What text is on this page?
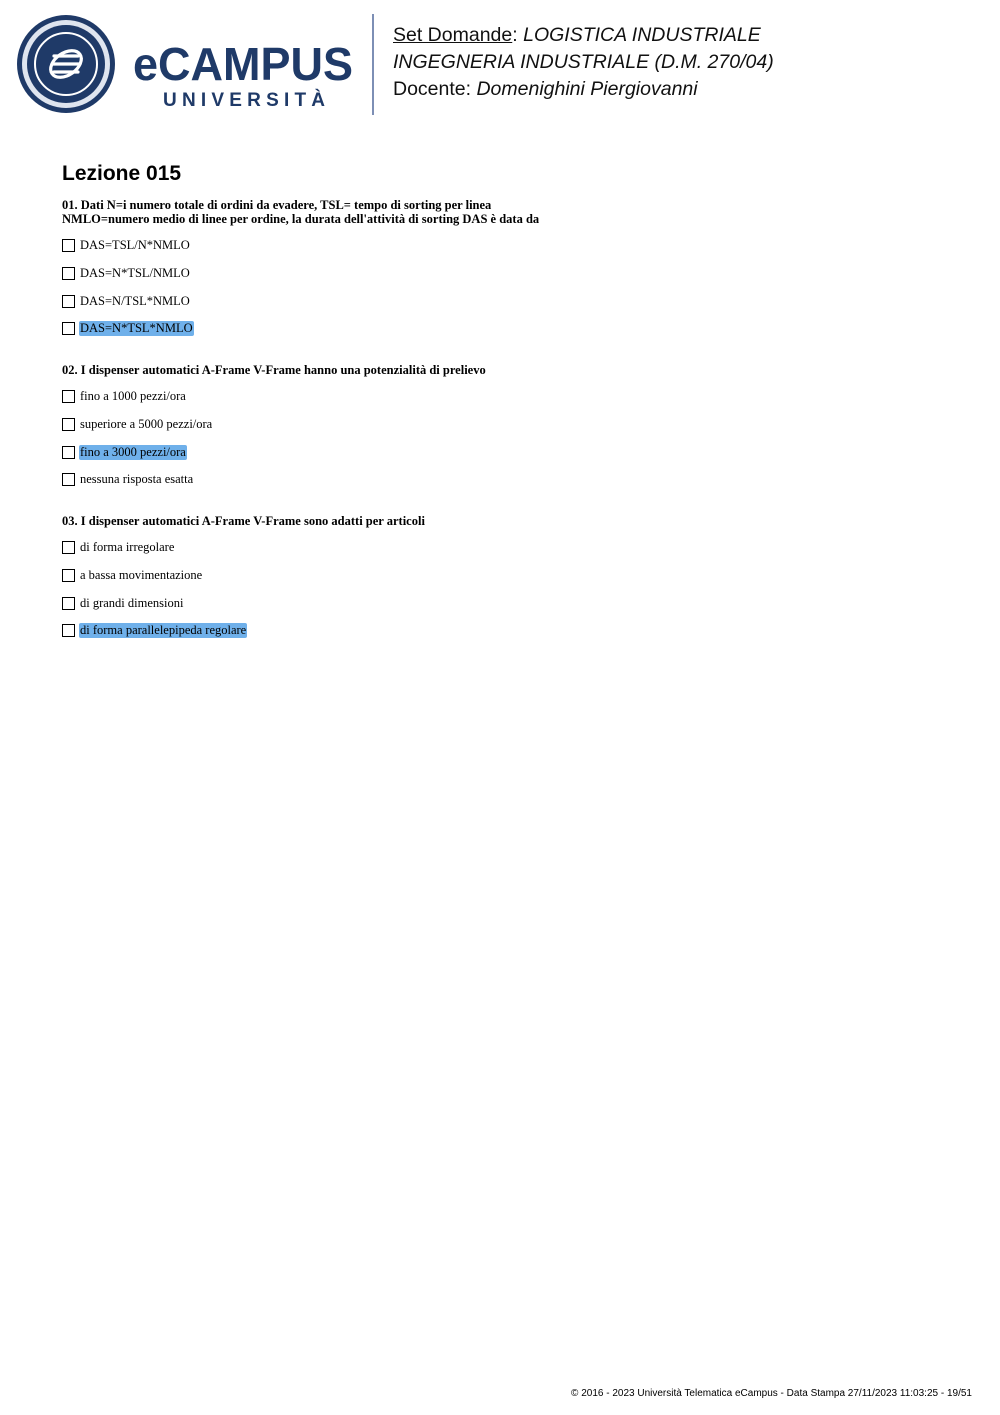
eCAMPUS
UNIVERSITÀ
Set Domande: LOGISTICA INDUSTRIALE
INGEGNERIA INDUSTRIALE (D.M. 270/04)
Docente: Domenighini Piergiovanni
Lezione 015
01. Dati N=i numero totale di ordini da evadere, TSL= tempo di sorting per linea
NMLO=numero medio di linee per ordine, la durata dell'attività di sorting DAS è data da
DAS=TSL/N*NMLO
DAS=N*TSL/NMLO
DAS=N/TSL*NMLO
DAS=N*TSL*NMLO
02. I dispenser automatici A-Frame V-Frame hanno una potenzialità di prelievo
fino a 1000 pezzi/ora
superiore a 5000 pezzi/ora
fino a 3000 pezzi/ora
nessuna risposta esatta
03. I dispenser automatici A-Frame V-Frame sono adatti per articoli
di forma irregolare
a bassa movimentazione
di grandi dimensioni
di forma parallelepipeda regolare
© 2016 - 2023 Università Telematica eCampus - Data Stampa 27/11/2023 11:03:25 - 19/51
